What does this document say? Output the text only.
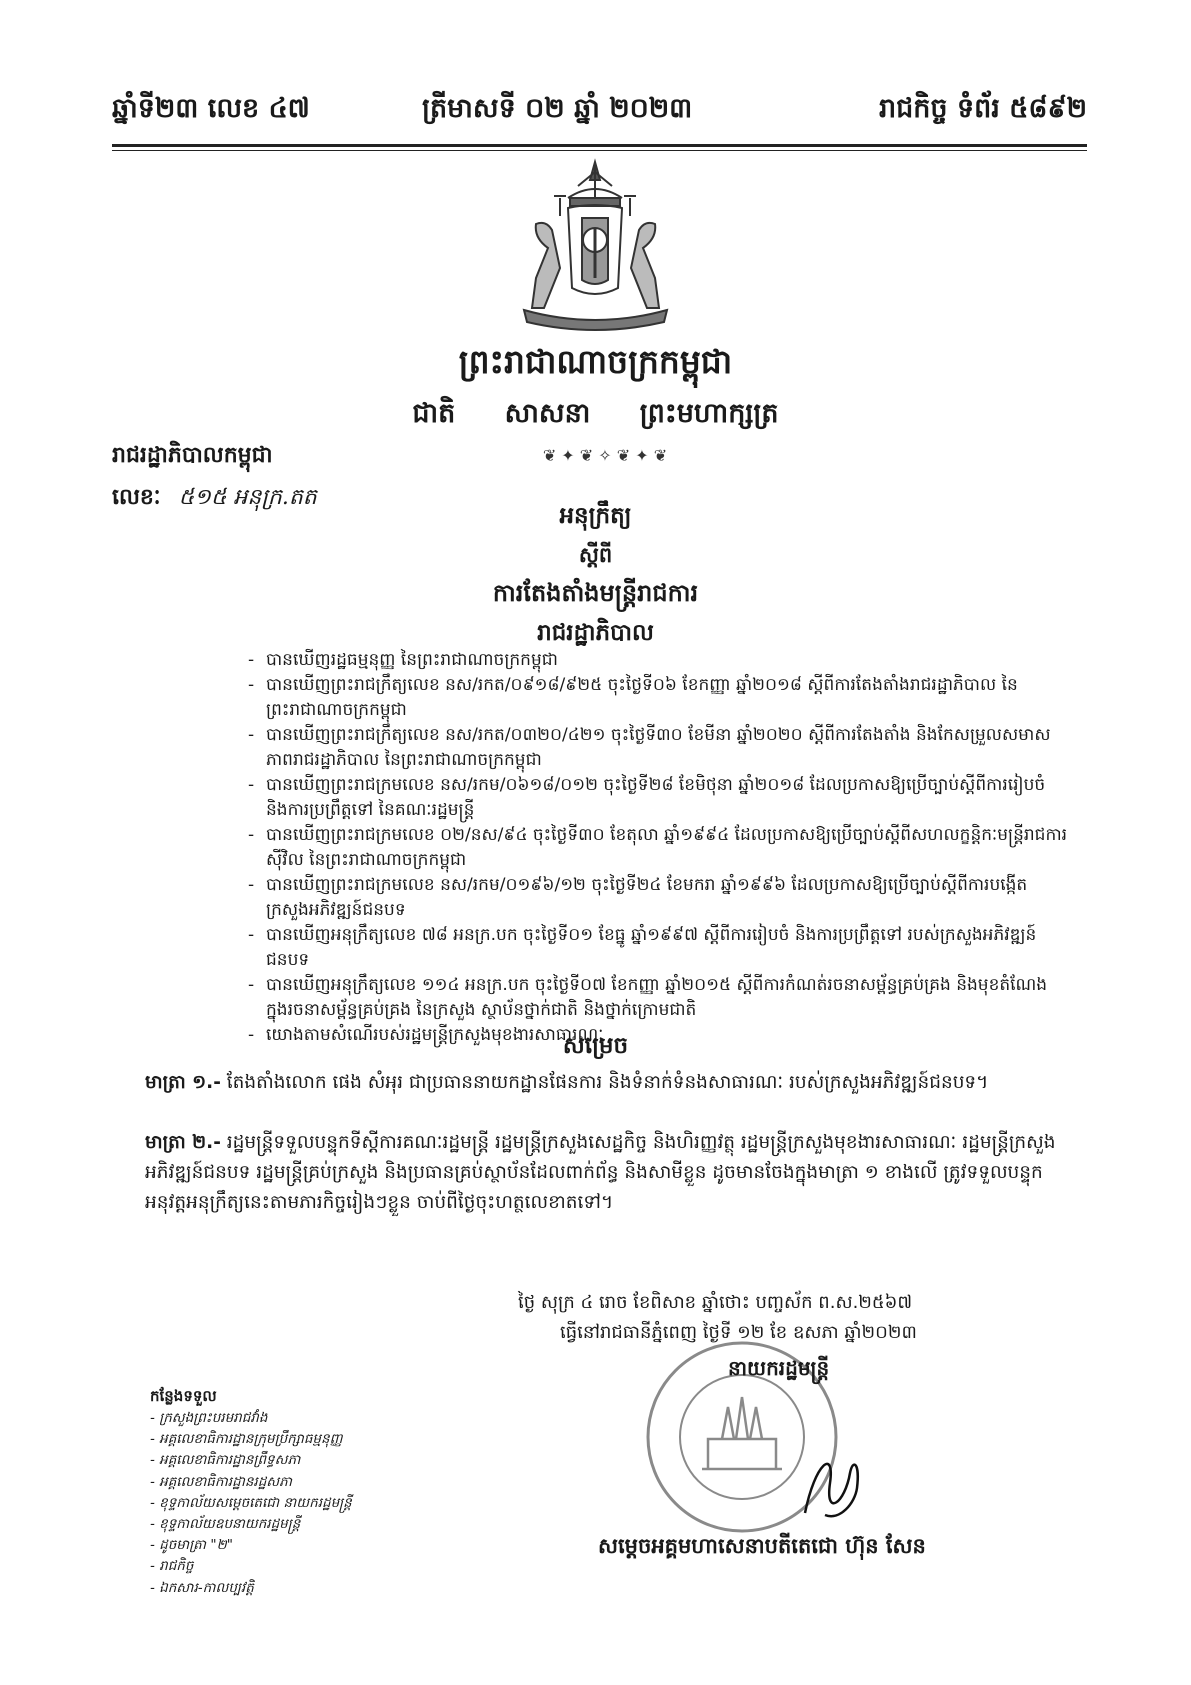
ឆ្នាំទី២៣ លេខ ៤៧	ត្រីមាសទី ០២ ឆ្នាំ ២០២៣	រាជកិច្ច ទំព័រ ៥៨៩២
ព្រះរាជាណាចក្រកម្ពុជា
ជាតិ សាសនា ព្រះមហាក្សត្រ
❦ ✦ ❦ ✧ ❦ ✦ ❦
រាជរដ្ឋាភិបាលកម្ពុជា
លេខៈ ៥១៥ អនុក្រ.តត
អនុក្រឹត្យ
ស្ដីពី
ការតែងតាំងមន្ត្រីរាជការ
រាជរដ្ឋាភិបាល
- បានឃើញរដ្ឋធម្មនុញ្ញ នៃព្រះរាជាណាចក្រកម្ពុជា
- បានឃើញព្រះរាជក្រឹត្យលេខ នស/រកត/០៩១៨/៩២៥ ចុះថ្ងៃទី០៦ ខែកញ្ញា ឆ្នាំ២០១៨ ស្ដីពីការតែងតាំងរាជរដ្ឋាភិបាល នៃព្រះរាជាណាចក្រកម្ពុជា
- បានឃើញព្រះរាជក្រឹត្យលេខ នស/រកត/០៣២០/៤២១ ចុះថ្ងៃទី៣០ ខែមីនា ឆ្នាំ២០២០ ស្ដីពីការតែងតាំង និងកែសម្រួលសមាសភាពរាជរដ្ឋាភិបាល នៃព្រះរាជាណាចក្រកម្ពុជា
- បានឃើញព្រះរាជក្រមលេខ នស/រកម/០៦១៨/០១២ ចុះថ្ងៃទី២៨ ខែមិថុនា ឆ្នាំ២០១៨ ដែលប្រកាសឱ្យប្រើច្បាប់ស្ដីពីការរៀបចំ និងការប្រព្រឹត្តទៅ នៃគណៈរដ្ឋមន្ត្រី
- បានឃើញព្រះរាជក្រមលេខ ០២/នស/៩៤ ចុះថ្ងៃទី៣០ ខែតុលា ឆ្នាំ១៩៩៤ ដែលប្រកាសឱ្យប្រើច្បាប់ស្ដីពីសហលក្ខន្តិកៈមន្ត្រីរាជការស៊ីវិល នៃព្រះរាជាណាចក្រកម្ពុជា
- បានឃើញព្រះរាជក្រមលេខ នស/រកម/០១៩៦/១២ ចុះថ្ងៃទី២៤ ខែមករា ឆ្នាំ១៩៩៦ ដែលប្រកាសឱ្យប្រើច្បាប់ស្ដីពីការបង្កើតក្រសួងអភិវឌ្ឍន៍ជនបទ
- បានឃើញអនុក្រឹត្យលេខ ៧៨ អនក្រ.បក ចុះថ្ងៃទី០១ ខែធ្នូ ឆ្នាំ១៩៩៧ ស្ដីពីការរៀបចំ និងការប្រព្រឹត្តទៅ របស់ក្រសួងអភិវឌ្ឍន៍ជនបទ
- បានឃើញអនុក្រឹត្យលេខ ១១៤ អនក្រ.បក ចុះថ្ងៃទី០៧ ខែកញ្ញា ឆ្នាំ២០១៥ ស្ដីពីការកំណត់រចនាសម្ព័ន្ធគ្រប់គ្រង និងមុខតំណែងក្នុងរចនាសម្ព័ន្ធគ្រប់គ្រង នៃក្រសួង ស្ថាប័នថ្នាក់ជាតិ និងថ្នាក់ក្រោមជាតិ
- យោងតាមសំណើរបស់រដ្ឋមន្ត្រីក្រសួងមុខងារសាធារណៈ
សម្រេច
មាត្រា ១.- តែងតាំងលោក ផេង សំអុរ ជាប្រធាននាយកដ្ឋានផែនការ និងទំនាក់ទំនងសាធារណៈ របស់ក្រសួងអភិវឌ្ឍន៍ជនបទ។
មាត្រា ២.- រដ្ឋមន្ត្រីទទួលបន្ទុកទីស្ដីការគណៈរដ្ឋមន្ត្រី រដ្ឋមន្ត្រីក្រសួងសេដ្ឋកិច្ច និងហិរញ្ញវត្ថុ រដ្ឋមន្ត្រីក្រសួងមុខងារសាធារណៈ រដ្ឋមន្ត្រីក្រសួងអភិវឌ្ឍន៍ជនបទ រដ្ឋមន្ត្រីគ្រប់ក្រសួង និងប្រធានគ្រប់ស្ថាប័នដែលពាក់ព័ន្ធ និងសាមីខ្លួន ដូចមានចែងក្នុងមាត្រា ១ ខាងលើ ត្រូវទទួលបន្ទុកអនុវត្តអនុក្រឹត្យនេះតាមភារកិច្ចរៀងៗខ្លួន ចាប់ពីថ្ងៃចុះហត្ថលេខាតទៅ។
ថ្ងៃ សុក្រ ៤ រោច ខែពិសាខ ឆ្នាំថោះ បញ្ចស័ក ព.ស.២៥៦៧
ធ្វើនៅរាជធានីភ្នំពេញ ថ្ងៃទី ១២ ខែ ឧសភា ឆ្នាំ២០២៣
នាយករដ្ឋមន្ត្រី
សម្ដេចអគ្គមហាសេនាបតីតេជោ ហ៊ុន សែន
កន្លែងទទួល
- ក្រសួងព្រះបរមរាជវាំង
- អគ្គលេខាធិការដ្ឋានក្រុមប្រឹក្សាធម្មនុញ្ញ
- អគ្គលេខាធិការដ្ឋានព្រឹទ្ធសភា
- អគ្គលេខាធិការដ្ឋានរដ្ឋសភា
- ខុទ្ទកាល័យសម្ដេចតេជោ នាយករដ្ឋមន្ត្រី
- ខុទ្ទកាល័យឧបនាយករដ្ឋមន្ត្រី
- ដូចមាត្រា "២"
- រាជកិច្ច
- ឯកសារ-កាលប្បវត្តិ
